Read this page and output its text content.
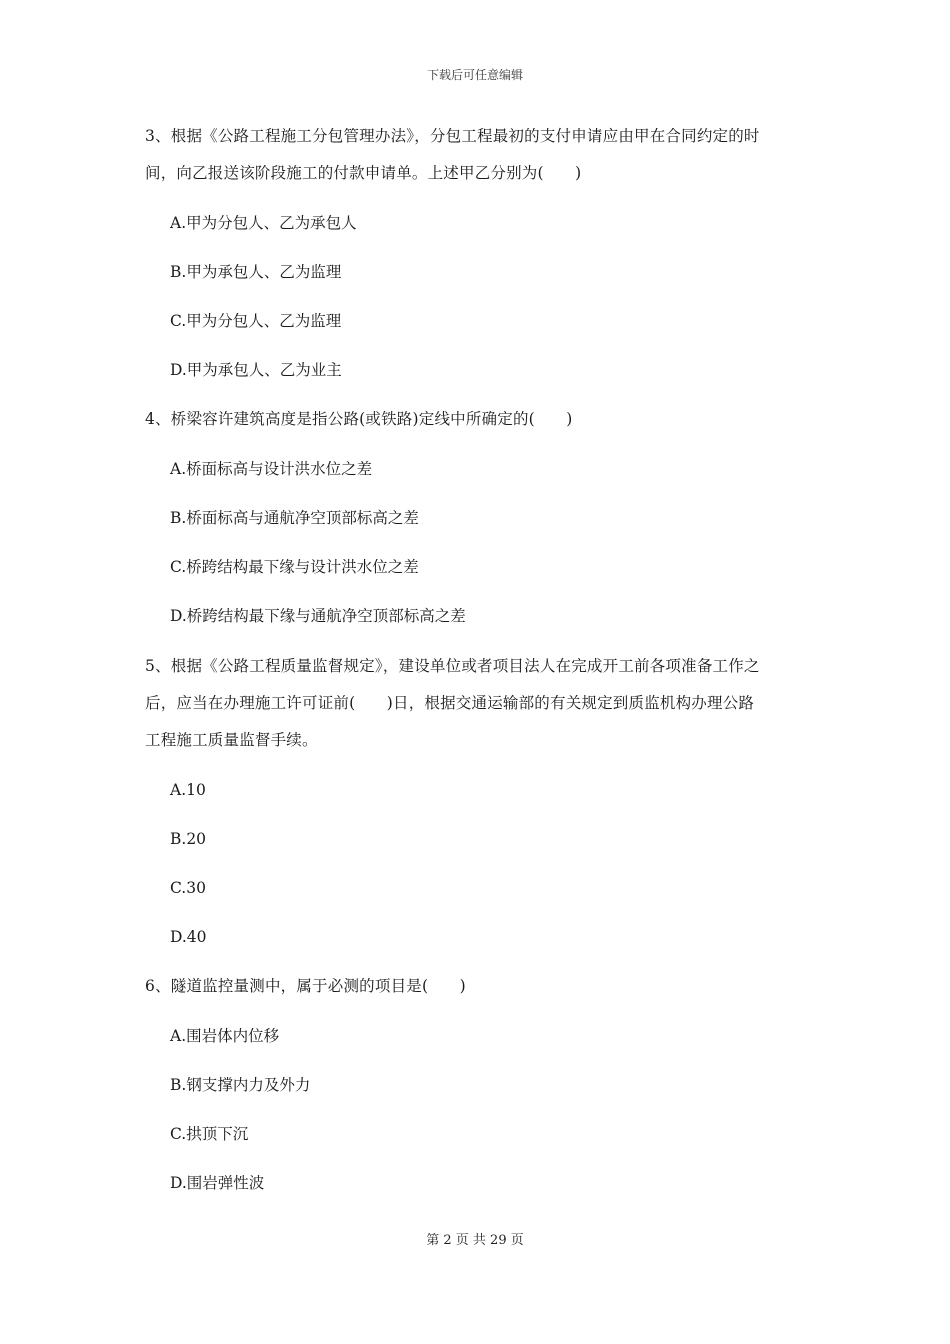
下载后可任意编辑
3、根据《公路工程施工分包管理办法》，分包工程最初的支付申请应由甲在合同约定的时
间，向乙报送该阶段施工的付款申请单。上述甲乙分别为(　　)
A.甲为分包人、乙为承包人
B.甲为承包人、乙为监理
C.甲为分包人、乙为监理
D.甲为承包人、乙为业主
4、桥梁容许建筑高度是指公路(或铁路)定线中所确定的(　　)
A.桥面标高与设计洪水位之差
B.桥面标高与通航净空顶部标高之差
C.桥跨结构最下缘与设计洪水位之差
D.桥跨结构最下缘与通航净空顶部标高之差
5、根据《公路工程质量监督规定》，建设单位或者项目法人在完成开工前各项准备工作之
后，应当在办理施工许可证前(　　)日，根据交通运输部的有关规定到质监机构办理公路
工程施工质量监督手续。
A.10
B.20
C.30
D.40
6、隧道监控量测中，属于必测的项目是(　　)
A.围岩体内位移
B.钢支撑内力及外力
C.拱顶下沉
D.围岩弹性波
第 2 页 共 29 页
